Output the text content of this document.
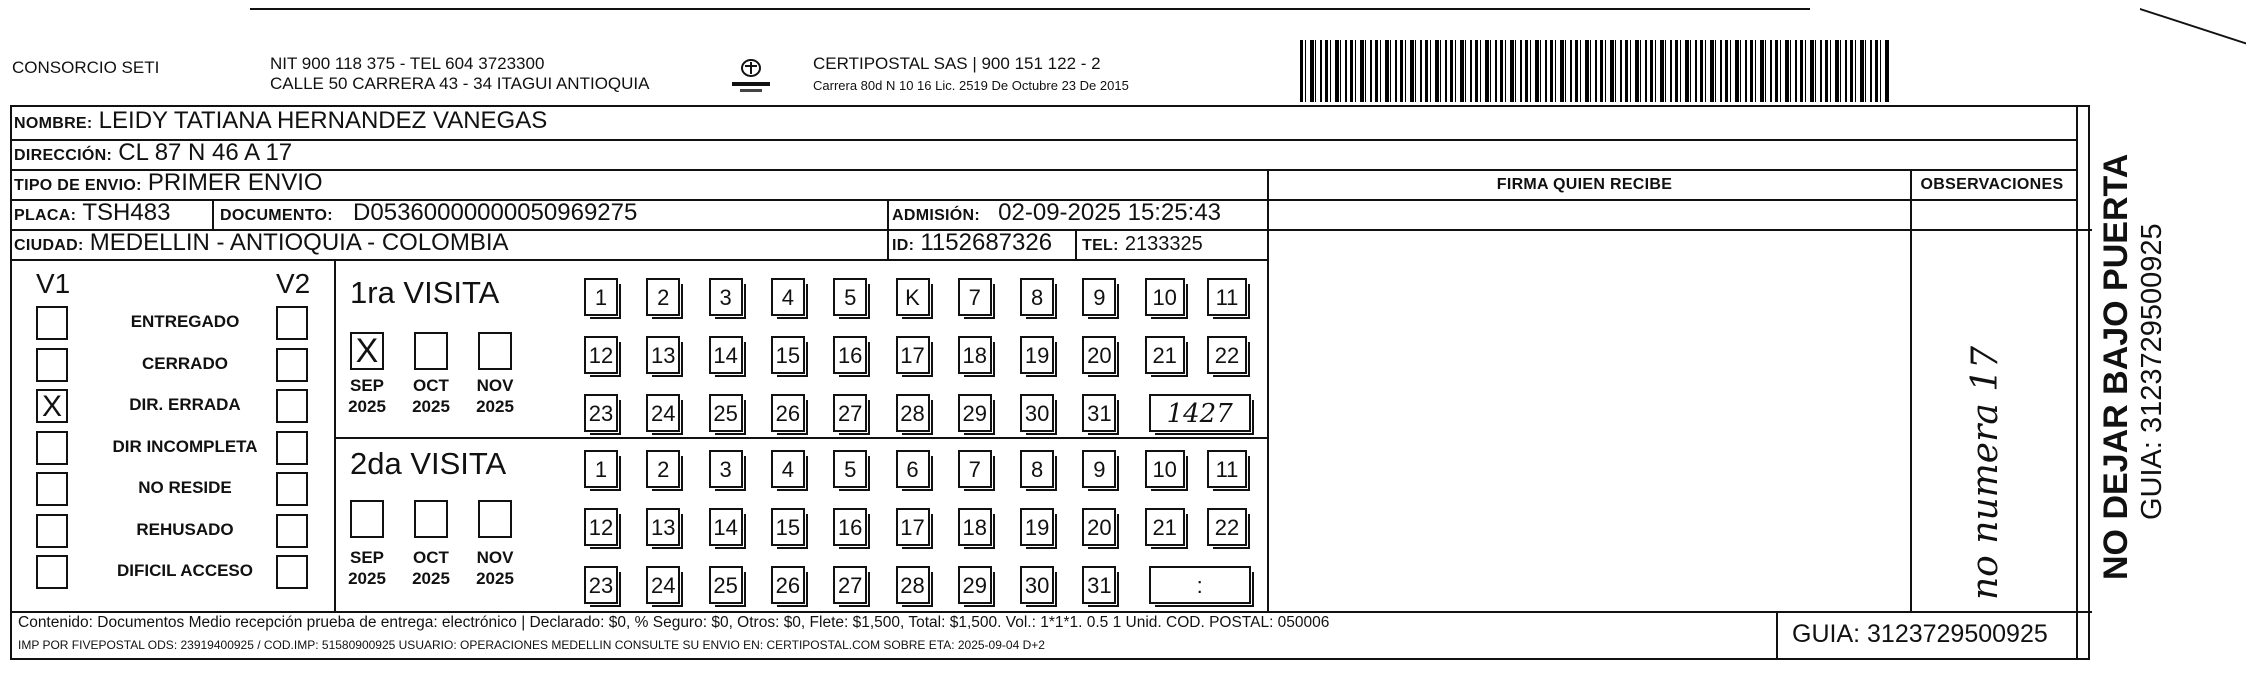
CONSORCIO SETI	NIT 900 118 375 - TEL 604 3723300
CALLE 50 CARRERA 43 - 34 ITAGUI ANTIOQUIA
CERTIPOSTAL SAS | 900 151 122 - 2
Carrera 80d N 10 16 Lic. 2519 De Octubre 23 De 2015
NOMBRE: LEIDY TATIANA HERNANDEZ VANEGAS
DIRECCIÓN: CL 87 N 46 A 17
TIPO DE ENVIO: PRIMER ENVIO	FIRMA QUIEN RECIBE	OBSERVACIONES
PLACA: TSH483	DOCUMENTO: D05360000000050969275	ADMISIÓN: 02-09-2025 15:25:43
CIUDAD: MEDELLIN - ANTIOQUIA - COLOMBIA	ID: 1152687326 TEL: 2133325
V1	V2
ENTREGADO
CERRADO
X	DIR. ERRADA
DIR INCOMPLETA
NO RESIDE
REHUSADO
DIFICIL ACCESO
1ra VISITA
2da VISITA
X
SEP
2025
OCT
2025
NOV
2025
SEP
2025
OCT
2025
NOV
2025
1	2	3	4	5	K	7	8	9	10	11
12 13 14 15 16 17 18 19 20	21	22
23 24 25 26 27 28 29 30 31	1427
1	2	3	4	5	6	7	8	9	10	11
12 13 14 15 16 17 18 19 20	21	22
23 24 25 26 27 28 29 30 31	:	no numera 17
Contenido: Documentos Medio recepción prueba de entrega: electrónico | Declarado: $0, % Seguro: $0, Otros: $0, Flete: $1,500, Total: $1,500. Vol.: 1*1*1. 0.5 1 Unid. COD. POSTAL: 050006
IMP POR FIVEPOSTAL ODS: 23919400925 / COD.IMP: 51580900925 USUARIO: OPERACIONES MEDELLIN CONSULTE SU ENVIO EN: CERTIPOSTAL.COM SOBRE ETA: 2025-09-04 D+2	GUIA: 3123729500925
NO DEJAR BAJO PUERTA GUIA: 3123729500925
